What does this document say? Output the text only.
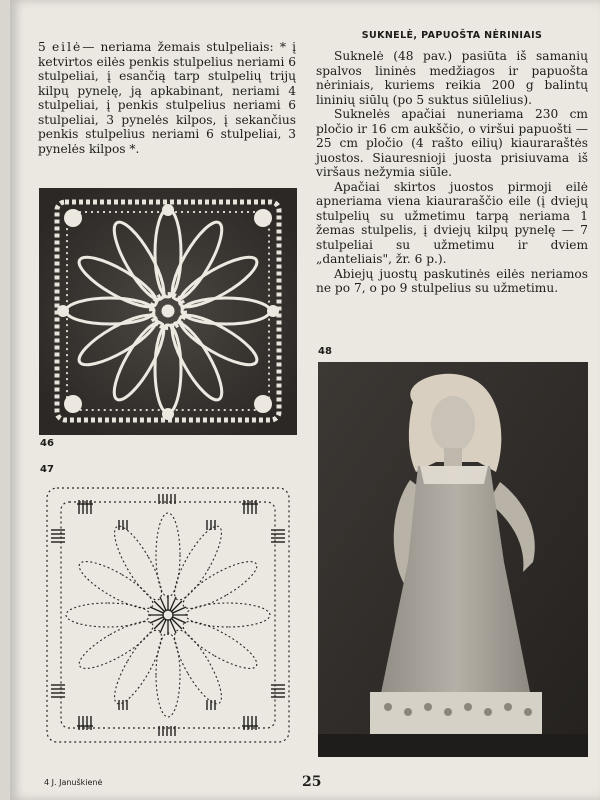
5 eilė— neriama žemais stulpeliais: * į ketvirtos eilės penkis stulpelius neriami 6 stulpeliai, į esančią tarp stulpelių trijų kilpų pynelę, ją apkabinant, neriami 4 stulpeliai, į penkis stulpelius neriami 6 stulpeliai, 3 pynelės kilpos, į sekančius penkis stulpelius neriami 6 stulpeliai, 3 pynelės kilpos *.

SUKNELĖ, PAPUOŠTA NĖRINIAIS

Suknelė (48 pav.) pasiūta iš samanių spalvos lininės medžiagos ir papuošta nėriniais, kuriems reikia 200 g balintų lininių siūlų (po 5 suktus siūlelius).

Suknelės apačiai nuneriama 230 cm pločio ir 16 cm aukščio, o viršui papuošti — 25 cm pločio (4 rašto eilių) kiauraraštės juostos. Siauresnioji juosta prisiuvama iš viršaus nežymia siūle.

Apačiai skirtos juostos pirmoji eilė apneriama viena kiauraraščio eile (į dviejų stulpelių su užmetimu tarpą neriama 1 žemas stulpelis, į dviejų kilpų pynelę — 7 stulpeliai su užmetimu ir dviem „danteliais", žr. 6 p.).

Abiejų juostų paskutinės eilės neriamos ne po 7, o po 9 stulpelius su užmetimu.

46
47
48
4 J. Januškienė	25
